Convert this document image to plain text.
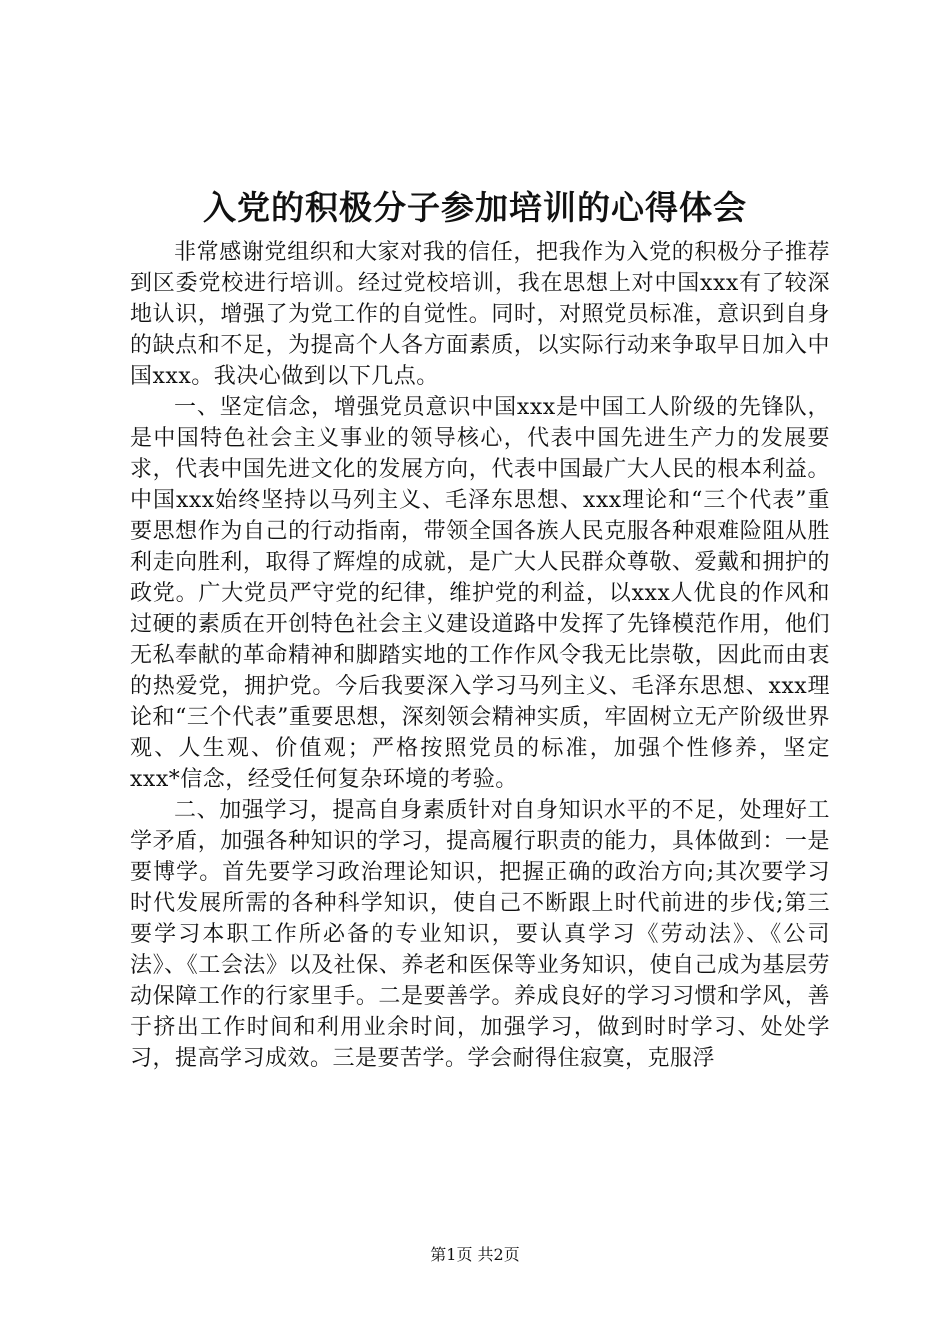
入党的积极分子参加培训的心得体会

非常感谢党组织和大家对我的信任，把我作为入党的积极分子推荐到区委党校进行培训。经过党校培训，我在思想上对中国xxx有了较深地认识，增强了为党工作的自觉性。同时，对照党员标准，意识到自身的缺点和不足，为提高个人各方面素质，以实际行动来争取早日加入中国xxx。我决心做到以下几点。

一、坚定信念，增强党员意识中国xxx是中国工人阶级的先锋队，是中国特色社会主义事业的领导核心，代表中国先进生产力的发展要求，代表中国先进文化的发展方向，代表中国最广大人民的根本利益。中国xxx始终坚持以马列主义、毛泽东思想、xxx理论和“三个代表”重要思想作为自己的行动指南，带领全国各族人民克服各种艰难险阻从胜利走向胜利，取得了辉煌的成就，是广大人民群众尊敬、爱戴和拥护的政党。广大党员严守党的纪律，维护党的利益，以xxx人优良的作风和过硬的素质在开创特色社会主义建设道路中发挥了先锋模范作用，他们无私奉献的革命精神和脚踏实地的工作作风令我无比崇敬，因此而由衷的热爱党，拥护党。今后我要深入学习马列主义、毛泽东思想、xxx理论和“三个代表”重要思想，深刻领会精神实质，牢固树立无产阶级世界观、人生观、价值观；严格按照党员的标准，加强个性修养，坚定xxx*信念，经受任何复杂环境的考验。

二、加强学习，提高自身素质针对自身知识水平的不足，处理好工学矛盾，加强各种知识的学习，提高履行职责的能力，具体做到：一是要博学。首先要学习政治理论知识，把握正确的政治方向;其次要学习时代发展所需的各种科学知识，使自己不断跟上时代前进的步伐;第三要学习本职工作所必备的专业知识，要认真学习《劳动法》、《公司法》、《工会法》以及社保、养老和医保等业务知识，使自己成为基层劳动保障工作的行家里手。二是要善学。养成良好的学习习惯和学风，善于挤出工作时间和利用业余时间，加强学习，做到时时学习、处处学习，提高学习成效。三是要苦学。学会耐得住寂寞，克服浮

第1页 共2页
